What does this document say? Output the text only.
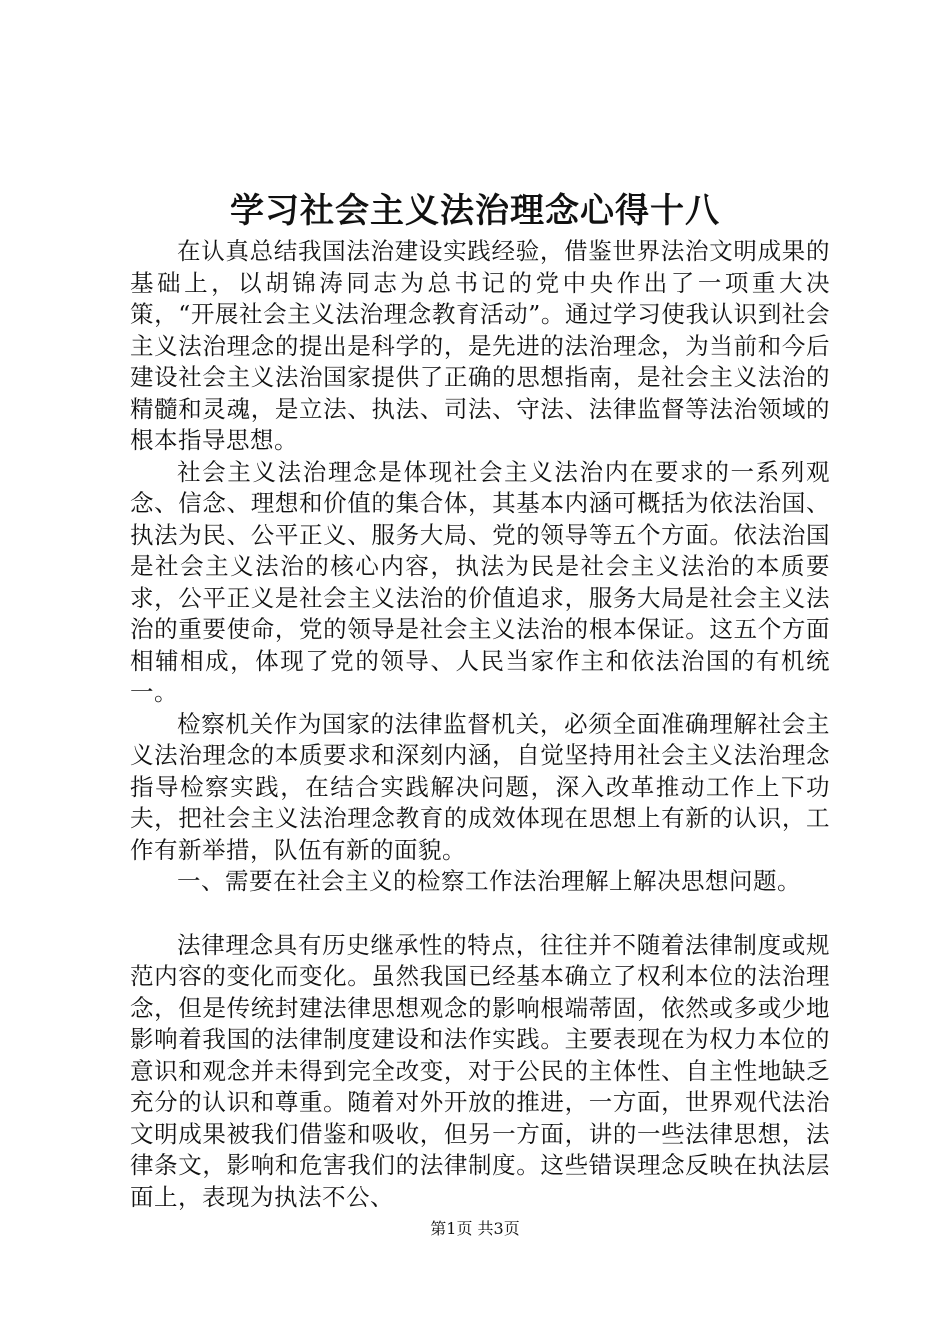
学习社会主义法治理念心得十八

在认真总结我国法治建设实践经验，借鉴世界法治文明成果的基础上，以胡锦涛同志为总书记的党中央作出了一项重大决策，“开展社会主义法治理念教育活动”。通过学习使我认识到社会主义法治理念的提出是科学的，是先进的法治理念，为当前和今后建设社会主义法治国家提供了正确的思想指南，是社会主义法治的精髓和灵魂，是立法、执法、司法、守法、法律监督等法治领域的根本指导思想。

社会主义法治理念是体现社会主义法治内在要求的一系列观念、信念、理想和价值的集合体，其基本内涵可概括为依法治国、执法为民、公平正义、服务大局、党的领导等五个方面。依法治国是社会主义法治的核心内容，执法为民是社会主义法治的本质要求，公平正义是社会主义法治的价值追求，服务大局是社会主义法治的重要使命，党的领导是社会主义法治的根本保证。这五个方面相辅相成，体现了党的领导、人民当家作主和依法治国的有机统一。

检察机关作为国家的法律监督机关，必须全面准确理解社会主义法治理念的本质要求和深刻内涵，自觉坚持用社会主义法治理念指导检察实践，在结合实践解决问题，深入改革推动工作上下功夫，把社会主义法治理念教育的成效体现在思想上有新的认识，工作有新举措，队伍有新的面貌。

一、需要在社会主义的检察工作法治理解上解决思想问题。

法律理念具有历史继承性的特点，往往并不随着法律制度或规范内容的变化而变化。虽然我国已经基本确立了权利本位的法治理念，但是传统封建法律思想观念的影响根端蒂固，依然或多或少地影响着我国的法律制度建设和法作实践。主要表现在为权力本位的意识和观念并未得到完全改变，对于公民的主体性、自主性地缺乏充分的认识和尊重。随着对外开放的推进，一方面，世界观代法治文明成果被我们借鉴和吸收，但另一方面，讲的一些法律思想，法律条文，影响和危害我们的法律制度。这些错误理念反映在执法层面上，表现为执法不公、

第1页 共3页
